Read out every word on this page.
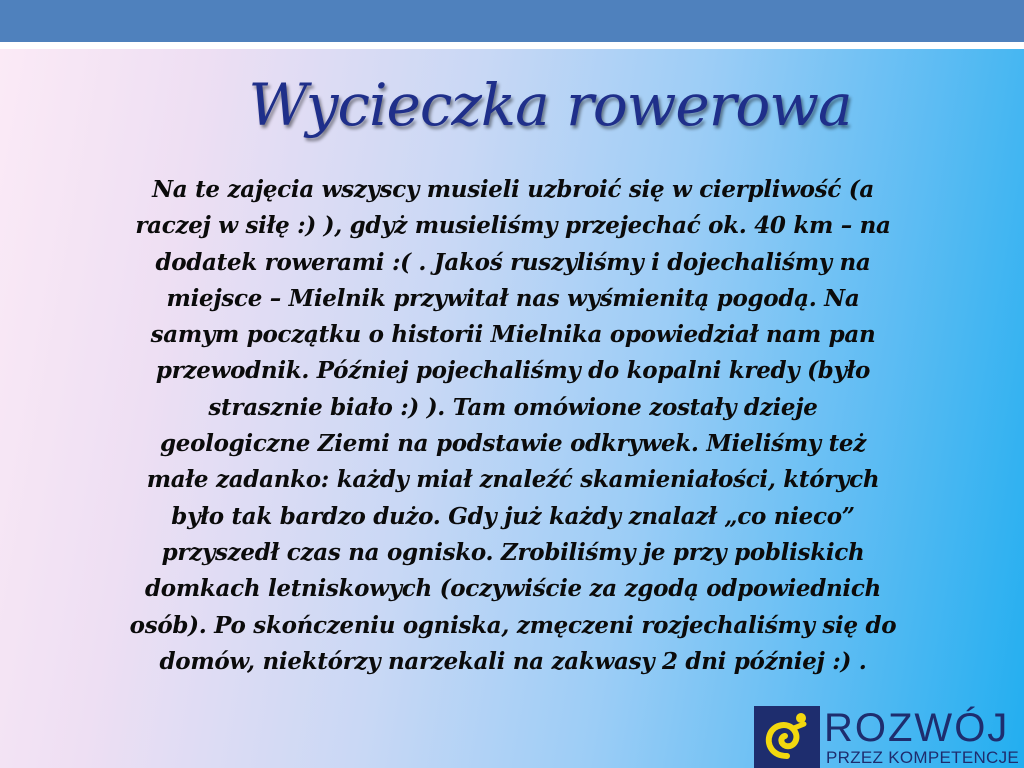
Wycieczka rowerowa

Na te zajęcia wszyscy musieli uzbroić się w cierpliwość (a
raczej w siłę :) ), gdyż musieliśmy przejechać ok. 40 km – na
dodatek rowerami :( . Jakoś ruszyliśmy i dojechaliśmy na
miejsce – Mielnik przywitał nas wyśmienitą pogodą. Na
samym początku o historii Mielnika opowiedział nam pan
przewodnik. Później pojechaliśmy do kopalni kredy (było
strasznie biało :) ). Tam omówione zostały dzieje
geologiczne Ziemi na podstawie odkrywek. Mieliśmy też
małe zadanko: każdy miał znaleźć skamieniałości, których
było tak bardzo dużo. Gdy już każdy znalazł „co nieco”
przyszedł czas na ognisko. Zrobiliśmy je przy pobliskich
domkach letniskowych (oczywiście za zgodą odpowiednich
osób). Po skończeniu ogniska, zmęczeni rozjechaliśmy się do
domów, niektórzy narzekali na zakwasy 2 dni później :) .

ROZWÓJ
PRZEZ KOMPETENCJE
